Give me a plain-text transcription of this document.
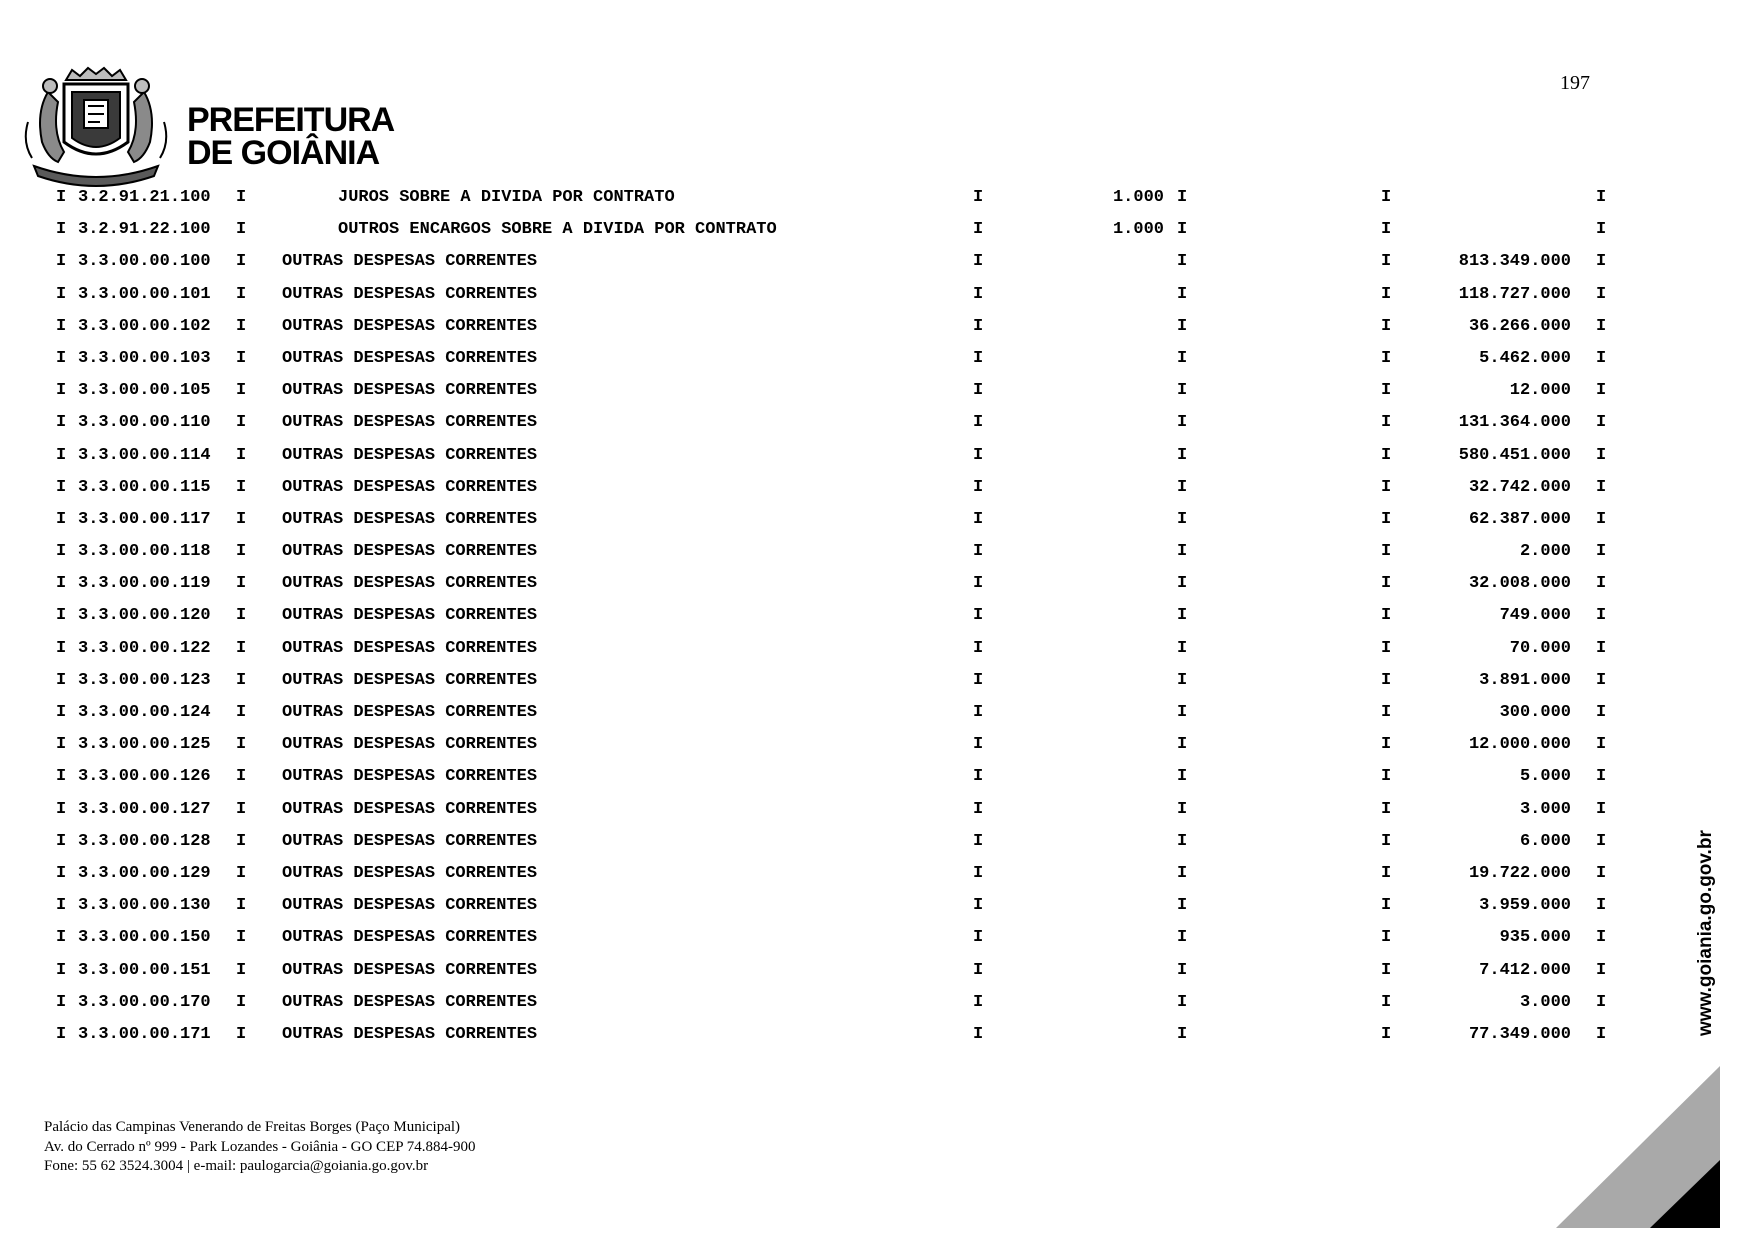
197
PREFEITURA
DE GOIÂNIA
I 3.2.91.21.100 I	JUROS SOBRE A DIVIDA POR CONTRATO	I	1.000 I	I	I
I 3.2.91.22.100 I	OUTROS ENCARGOS SOBRE A DIVIDA POR CONTRATO	I	1.000 I	I	I
I 3.3.00.00.100 I OUTRAS DESPESAS CORRENTES	I	I	I	813.349.000 I
I 3.3.00.00.101 I OUTRAS DESPESAS CORRENTES	I	I	I	118.727.000 I
I 3.3.00.00.102 I OUTRAS DESPESAS CORRENTES	I	I	I	36.266.000 I
I 3.3.00.00.103 I OUTRAS DESPESAS CORRENTES	I	I	I	5.462.000 I
I 3.3.00.00.105 I OUTRAS DESPESAS CORRENTES	I	I	I	12.000 I
I 3.3.00.00.110 I OUTRAS DESPESAS CORRENTES	I	I	I	131.364.000 I
I 3.3.00.00.114 I OUTRAS DESPESAS CORRENTES	I	I	I	580.451.000 I
I 3.3.00.00.115 I OUTRAS DESPESAS CORRENTES	I	I	I	32.742.000 I
I 3.3.00.00.117 I OUTRAS DESPESAS CORRENTES	I	I	I	62.387.000 I
I 3.3.00.00.118 I OUTRAS DESPESAS CORRENTES	I	I	I	2.000 I
I 3.3.00.00.119 I OUTRAS DESPESAS CORRENTES	I	I	I	32.008.000 I
I 3.3.00.00.120 I OUTRAS DESPESAS CORRENTES	I	I	I	749.000 I
I 3.3.00.00.122 I OUTRAS DESPESAS CORRENTES	I	I	I	70.000 I
I 3.3.00.00.123 I OUTRAS DESPESAS CORRENTES	I	I	I	3.891.000 I
I 3.3.00.00.124 I OUTRAS DESPESAS CORRENTES	I	I	I	300.000 I
I 3.3.00.00.125 I OUTRAS DESPESAS CORRENTES	I	I	I	12.000.000 I
I 3.3.00.00.126 I OUTRAS DESPESAS CORRENTES	I	I	I	5.000 I
I 3.3.00.00.127 I OUTRAS DESPESAS CORRENTES	I	I	I	3.000 I
I 3.3.00.00.128 I OUTRAS DESPESAS CORRENTES	I	I	I	6.000 I
I 3.3.00.00.129 I OUTRAS DESPESAS CORRENTES	I	I	I	19.722.000 I
I 3.3.00.00.130 I OUTRAS DESPESAS CORRENTES	I	I	I	3.959.000 I
I 3.3.00.00.150 I OUTRAS DESPESAS CORRENTES	I	I	I	935.000 I
I 3.3.00.00.151 I OUTRAS DESPESAS CORRENTES	I	I	I	7.412.000 I
I 3.3.00.00.170 I OUTRAS DESPESAS CORRENTES	I	I	I	3.000 I
I 3.3.00.00.171 I OUTRAS DESPESAS CORRENTES	I	I	I	77.349.000 I
Palácio das Campinas Venerando de Freitas Borges (Paço Municipal)
Av. do Cerrado nº 999 - Park Lozandes - Goiânia - GO CEP 74.884-900
Fone: 55 62 3524.3004 | e-mail: paulogarcia@goiania.go.gov.br
www.goiania.go.gov.br
